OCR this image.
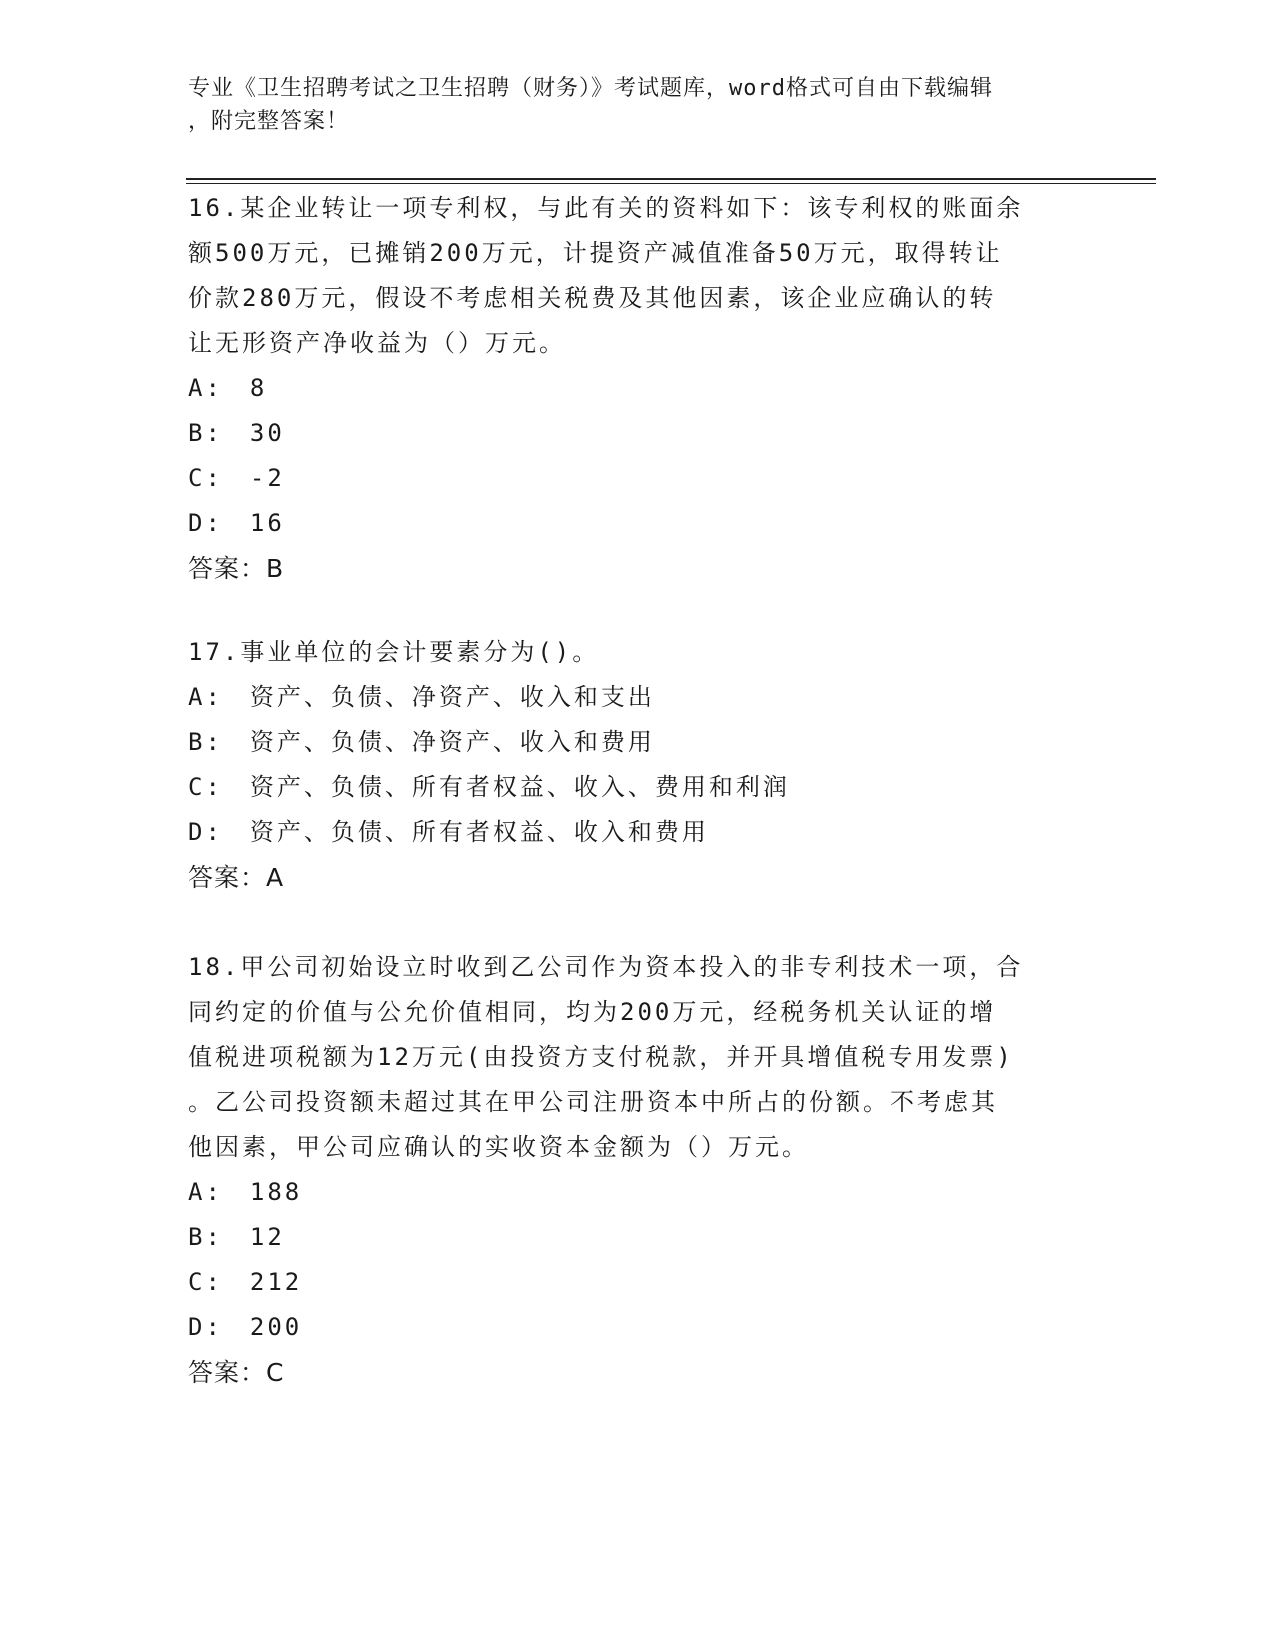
专业《卫生招聘考试之卫生招聘（财务）》考试题库，word格式可自由下载编辑
，附完整答案！

16.某企业转让一项专利权，与此有关的资料如下：该专利权的账面余

额500万元，已摊销200万元，计提资产减值准备50万元，取得转让

价款280万元，假设不考虑相关税费及其他因素，该企业应确认的转

让无形资产净收益为（）万元。

A:　8

B:　30

C:　-2

D:　16

答案：B

17.事业单位的会计要素分为()。

A:　资产、负债、净资产、收入和支出

B:　资产、负债、净资产、收入和费用

C:　资产、负债、所有者权益、收入、费用和利润

D:　资产、负债、所有者权益、收入和费用

答案：A

18.甲公司初始设立时收到乙公司作为资本投入的非专利技术一项，合

同约定的价值与公允价值相同，均为200万元，经税务机关认证的增

值税进项税额为12万元(由投资方支付税款，并开具增值税专用发票)

。乙公司投资额未超过其在甲公司注册资本中所占的份额。不考虑其

他因素，甲公司应确认的实收资本金额为（）万元。

A:　188

B:　12

C:　212

D:　200

答案：C
